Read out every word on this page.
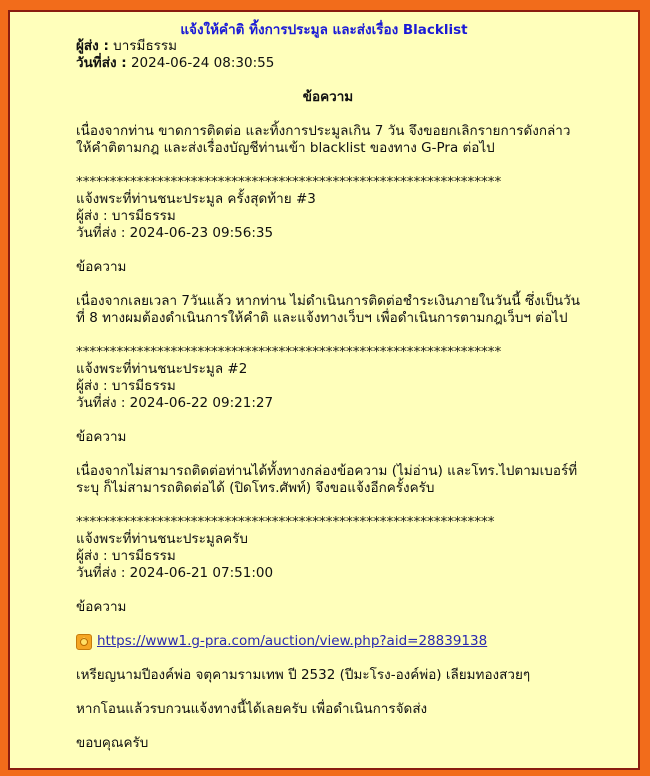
แจ้งให้คำติ ทิ้งการประมูล และส่งเรื่อง Blacklist
ผู้ส่ง : บารมีธรรม
วันที่ส่ง : 2024-06-24 08:30:55
ข้อความ
เนื่องจากท่าน ขาดการติดต่อ และทิ้งการประมูลเกิน 7 วัน จึงขอยกเลิกรายการดังกล่าว ให้คำติตามกฎ และส่งเรื่องบัญชีท่านเข้า blacklist ของทาง G-Pra ต่อไป
***************************************************************
แจ้งพระที่ท่านชนะประมูล ครั้งสุดท้าย #3
ผู้ส่ง : บารมีธรรม
วันที่ส่ง : 2024-06-23 09:56:35
ข้อความ
เนื่องจากเลยเวลา 7วันแล้ว หากท่าน ไม่ดำเนินการติดต่อชำระเงินภายในวันนี้ ซึ่งเป็นวันที่ 8 ทางผมต้องดำเนินการให้คำติ และแจ้งทางเว็บฯ เพื่อดำเนินการตามกฎเว็บฯ ต่อไป
***************************************************************
แจ้งพระที่ท่านชนะประมูล #2
ผู้ส่ง : บารมีธรรม
วันที่ส่ง : 2024-06-22 09:21:27
ข้อความ
เนื่องจากไม่สามารถติดต่อท่านได้ทั้งทางกล่องข้อความ (ไม่อ่าน) และโทร.ไปตามเบอร์ที่ระบุ ก็ไม่สามารถติดต่อได้ (ปิดโทร.ศัพท์) จึงขอแจ้งอีกครั้งครับ
**************************************************************
แจ้งพระที่ท่านชนะประมูลครับ
ผู้ส่ง : บารมีธรรม
วันที่ส่ง : 2024-06-21 07:51:00
ข้อความ
https://www1.g-pra.com/auction/view.php?aid=28839138
เหรียญนามปีองค์พ่อ จตุคามรามเทพ ปี 2532 (ปีมะโรง-องค์พ่อ) เลียมทองสวยๆ
หากโอนแล้วรบกวนแจ้งทางนี้ได้เลยครับ เพื่อดำเนินการจัดส่ง
ขอบคุณครับ
